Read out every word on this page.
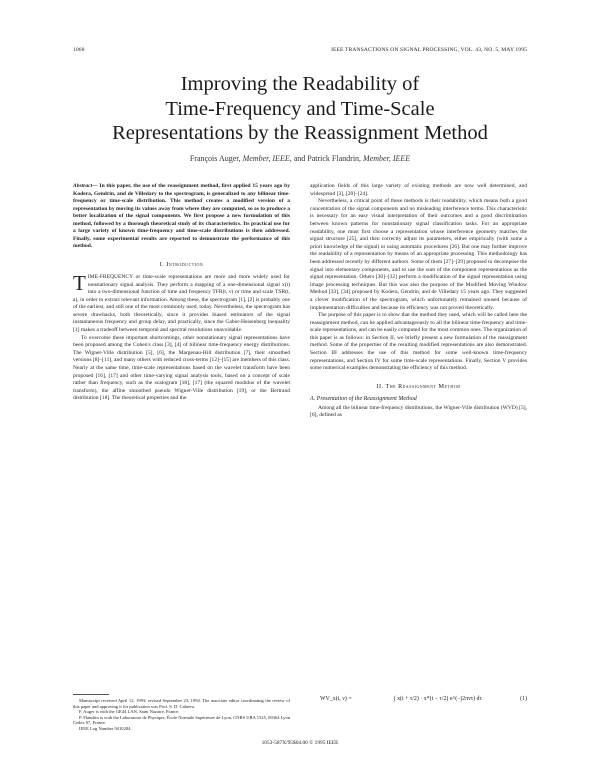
1068	IEEE TRANSACTIONS ON SIGNAL PROCESSING, VOL. 43, NO. 5, MAY 1995
Improving the Readability of
Time-Frequency and Time-Scale
Representations by the Reassignment Method
François Auger, Member, IEEE, and Patrick Flandrin, Member, IEEE

Abstract— In this paper, the use of the reassignment method, first applied 15 years ago by Kodera, Gendrin, and de Villedary to the spectrogram, is generalized to any bilinear time-frequency or time-scale distribution. This method creates a modified version of a representation by moving its values away from where they are computed, so as to produce a better localization of the signal components. We first propose a new formulation of this method, followed by a thorough theoretical study of its characteristics. Its practical use for a large variety of known time-frequency and time-scale distributions is then addressed. Finally, some experimental results are reported to demonstrate the performance of this method.

I. Introduction

T IME-FREQUENCY or time-scale representations are more and more widely used for nonstationary signal analysis. They perform a mapping of a one-dimensional signal x(t) into a two-dimensional function of time and frequency TFR(t, ν) or time and scale TSR(t, a), in order to extract relevant information. Among these, the spectrogram [1], [2] is probably one of the earliest, and still one of the most commonly used, today. Nevertheless, the spectrogram has severe drawbacks, both theoretically, since it provides biased estimators of the signal instantaneous frequency and group delay, and practically, since the Gabor-Heisenberg inequality [1] makes a tradeoff between temporal and spectral resolutions unavoidable.

To overcome these important shortcomings, other nonstationary signal representations have been proposed among the Cohen's class [3], [4] of bilinear time-frequency energy distributions. The Wigner-Ville distribution [5], [6], the Margenau-Hill distribution [7], their smoothed versions [8]–[11], and many others with reduced cross-terms [12]–[15] are members of this class. Nearly at the same time, time-scale representations based on the wavelet transform have been proposed [16], [17] and other time-varying signal analysis tools, based on a concept of scale rather than frequency, such as the scalogram [18], [17] (the squared modulus of the wavelet transform), the affine smoothed pseudo Wigner-Ville distribution [19], or the Bertrand distribution [18]. The theoretical properties and the

application fields of this large variety of existing methods are now well determined, and widespread [3], [20]–[24].

Nevertheless, a critical point of these methods is their readability, which means both a good concentration of the signal components and no misleading interference terms. This characteristic is necessary for an easy visual interpretation of their outcomes and a good discrimination between known patterns for nonstationary signal classification tasks. For an appropriate readability, one must first choose a representation whose interference geometry matches the signal structure [25], and then correctly adjust its parameters, either empirically (with some a priori knowledge of the signal) or using automatic procedures [26]. But one may further improve the readability of a representation by means of an appropriate processing. This methodology has been addressed recently by different authors. Some of them [27]–[29] proposed to decompose the signal into elementary components, and to use the sum of the component representations as the signal representation. Others [30]–[32] perform a modification of the signal representation using image processing techniques. But this was also the purpose of the Modified Moving Window Method [33], [34] proposed by Kodera, Gendrin, and de Villedary 15 years ago. They suggested a clever modification of the spectrogram, which unfortunately remained unused because of implementation difficulties and because its efficiency was not proved theoretically.

The purpose of this paper is to show that the method they used, which will be called here the reassignment method, can be applied advantageously to all the bilinear time-frequency and time-scale representations, and can be easily computed for the most common ones. The organization of this paper is as follows: in Section II, we briefly present a new formulation of the reassignment method. Some of the properties of the resulting modified representations are also demonstrated. Section III addresses the use of this method for some well-known time-frequency representations, and Section IV for some time-scale representations. Finally, Section V provides some numerical examples demonstrating the efficiency of this method.

II. The Reassignment Method
A. Presentation of the Reassignment Method

Among all the bilinear time-frequency distributions, the Wigner-Ville distribution (WVD) [5], [6], defined as

WV_x(t, ν) =	∫ x(t + τ/2) · x*(t − τ/2) e^(−j2πντ) dτ	(1)

Manuscript received April 12, 1993; revised September 23, 1994. The associate editor coordinating the review of this paper and approving it for publication was Prof. S. D. Cabrera.

F. Auger is with the GE44 LAN, Saint Nazaire, France.

P. Flandrin is with the Laboratoire de Physique, École Normale Supérieure de Lyon, CNRS URA 1325, 69364 Lyon Cedex 07, France.

IEEE Log Number 9410284.

1053-587X/95$04.00 © 1995 IEEE
